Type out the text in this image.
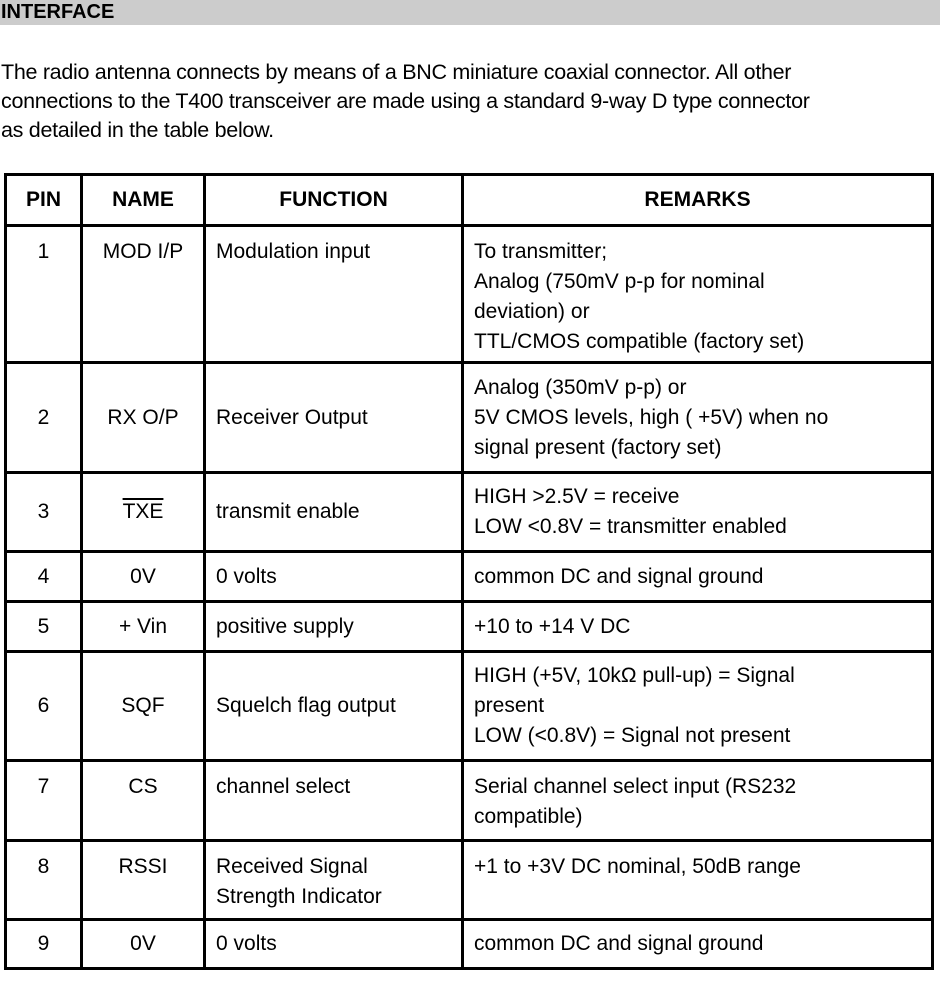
INTERFACE
The radio antenna connects by means of a BNC miniature coaxial connector. All other
connections to the T400 transceiver are made using a standard 9-way D type connector
as detailed in the table below.
PIN	NAME	FUNCTION	REMARKS
1	MOD I/P	Modulation input	To transmitter;
Analog (750mV p-p for nominal
deviation) or
TTL/CMOS compatible (factory set)

2	RX O/P	Receiver Output	Analog (350mV p-p) or
5V CMOS levels, high ( +5V) when no
signal present (factory set)

3	$\overline{TXE}$	transmit enable	HIGH >2.5V = receive
LOW <0.8V = transmitter enabled

4	0V	0 volts	common DC and signal ground

5	+ Vin	positive supply	+10 to +14 V DC

6	SQF	Squelch flag output	HIGH (+5V, 10kΩ pull-up) = Signal
present
LOW (<0.8V) = Signal not present

7	CS	channel select	Serial channel select input (RS232
compatible)

8	RSSI	Received Signal
Strength Indicator	+1 to +3V DC nominal, 50dB range

9	0V	0 volts	common DC and signal ground
